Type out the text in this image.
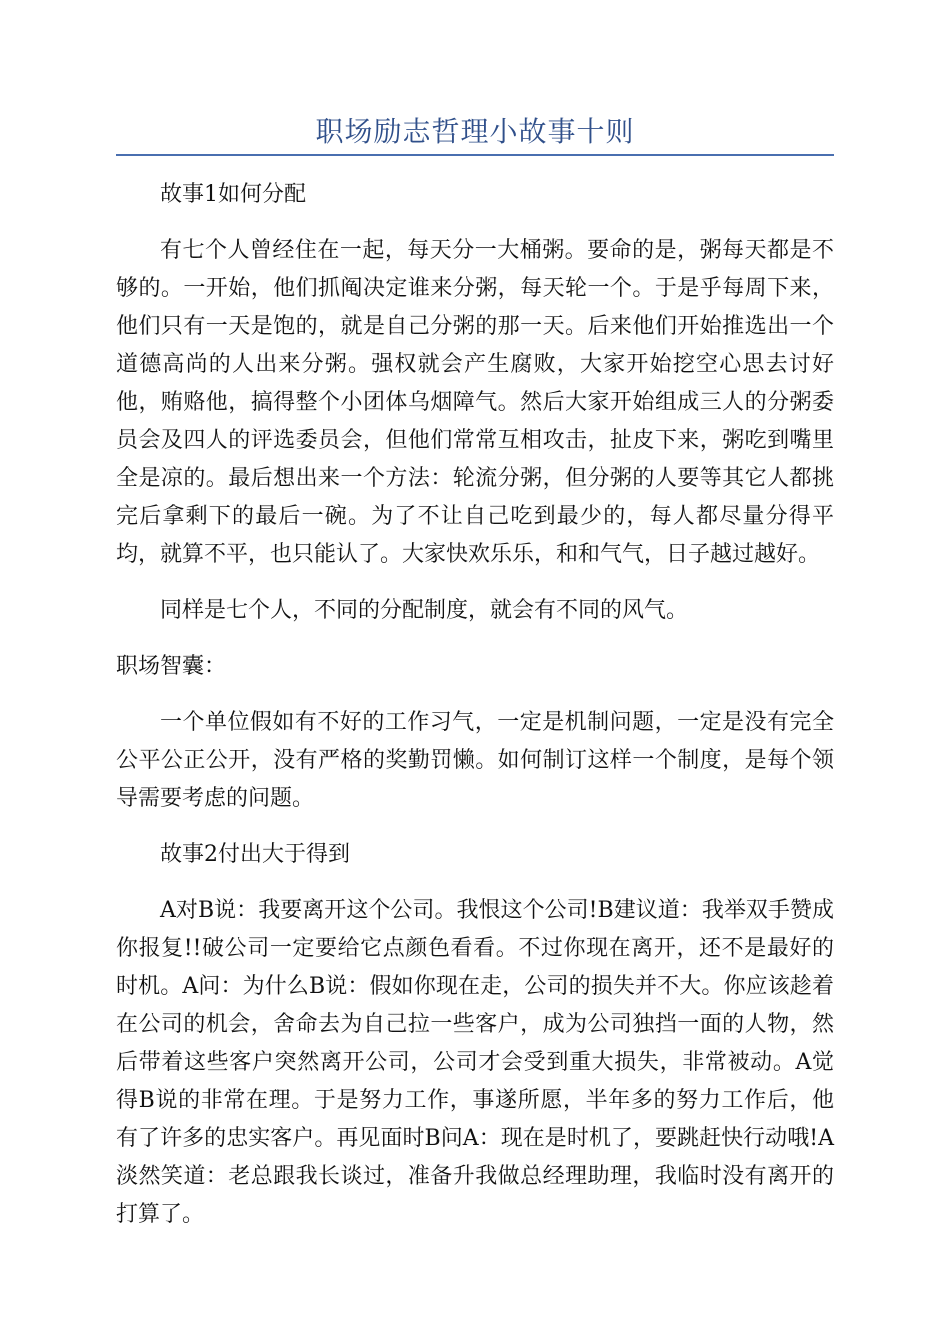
职场励志哲理小故事十则

故事1如何分配

有七个人曾经住在一起，每天分一大桶粥。要命的是，粥每天都是不够的。一开始，他们抓阄决定谁来分粥，每天轮一个。于是乎每周下来，他们只有一天是饱的，就是自己分粥的那一天。后来他们开始推选出一个道德高尚的人出来分粥。强权就会产生腐败，大家开始挖空心思去讨好他，贿赂他，搞得整个小团体乌烟障气。然后大家开始组成三人的分粥委员会及四人的评选委员会，但他们常常互相攻击，扯皮下来，粥吃到嘴里全是凉的。最后想出来一个方法：轮流分粥，但分粥的人要等其它人都挑完后拿剩下的最后一碗。为了不让自己吃到最少的，每人都尽量分得平均，就算不平，也只能认了。大家快欢乐乐，和和气气，日子越过越好。

同样是七个人，不同的分配制度，就会有不同的风气。

职场智囊：

一个单位假如有不好的工作习气，一定是机制问题，一定是没有完全公平公正公开，没有严格的奖勤罚懒。如何制订这样一个制度，是每个领导需要考虑的问题。

故事2付出大于得到

A对B说：我要离开这个公司。我恨这个公司!B建议道：我举双手赞成你报复!!破公司一定要给它点颜色看看。不过你现在离开，还不是最好的时机。A问：为什么B说：假如你现在走，公司的损失并不大。你应该趁着在公司的机会，舍命去为自己拉一些客户，成为公司独挡一面的人物，然后带着这些客户突然离开公司，公司才会受到重大损失，非常被动。A觉得B说的非常在理。于是努力工作，事遂所愿，半年多的努力工作后，他有了许多的忠实客户。再见面时B问A：现在是时机了，要跳赶快行动哦!A淡然笑道：老总跟我长谈过，准备升我做总经理助理，我临时没有离开的打算了。
